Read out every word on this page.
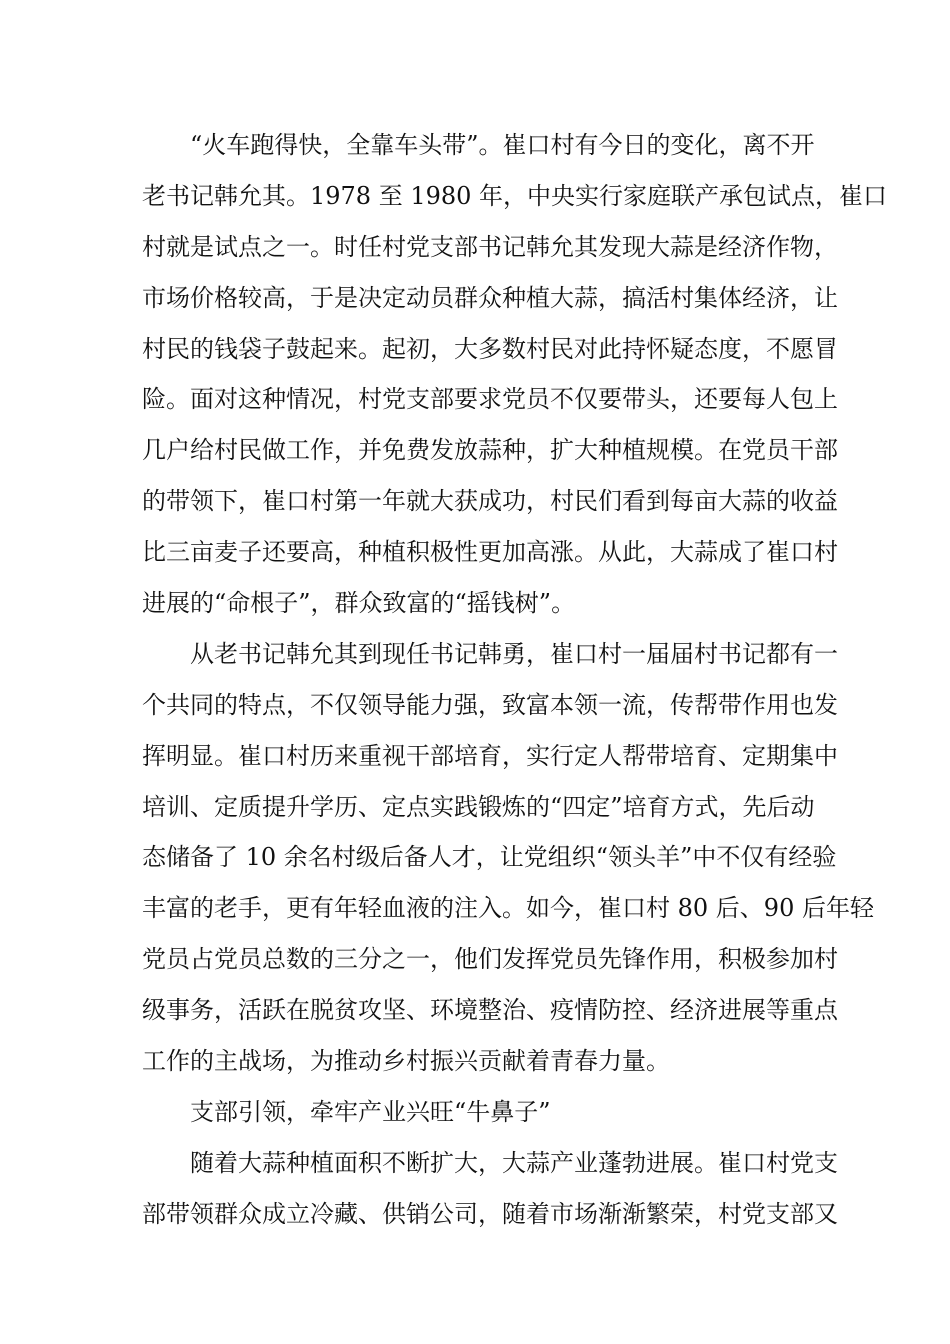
“火车跑得快，全靠车头带”。崔口村有今日的变化，离不开
老书记韩允其。1978 至 1980 年，中央实行家庭联产承包试点，崔口
村就是试点之一。时任村党支部书记韩允其发现大蒜是经济作物，
市场价格较高，于是决定动员群众种植大蒜，搞活村集体经济，让
村民的钱袋子鼓起来。起初，大多数村民对此持怀疑态度，不愿冒
险。面对这种情况，村党支部要求党员不仅要带头，还要每人包上
几户给村民做工作，并免费发放蒜种，扩大种植规模。在党员干部
的带领下，崔口村第一年就大获成功，村民们看到每亩大蒜的收益
比三亩麦子还要高，种植积极性更加高涨。从此，大蒜成了崔口村
进展的“命根子”，群众致富的“摇钱树”。
从老书记韩允其到现任书记韩勇，崔口村一届届村书记都有一
个共同的特点，不仅领导能力强，致富本领一流，传帮带作用也发
挥明显。崔口村历来重视干部培育，实行定人帮带培育、定期集中
培训、定质提升学历、定点实践锻炼的“四定”培育方式，先后动
态储备了 10 余名村级后备人才，让党组织“领头羊”中不仅有经验
丰富的老手，更有年轻血液的注入。如今，崔口村 80 后、90 后年轻
党员占党员总数的三分之一，他们发挥党员先锋作用，积极参加村
级事务，活跃在脱贫攻坚、环境整治、疫情防控、经济进展等重点
工作的主战场，为推动乡村振兴贡献着青春力量。
支部引领，牵牢产业兴旺“牛鼻子”
随着大蒜种植面积不断扩大，大蒜产业蓬勃进展。崔口村党支
部带领群众成立冷藏、供销公司，随着市场渐渐繁荣，村党支部又
